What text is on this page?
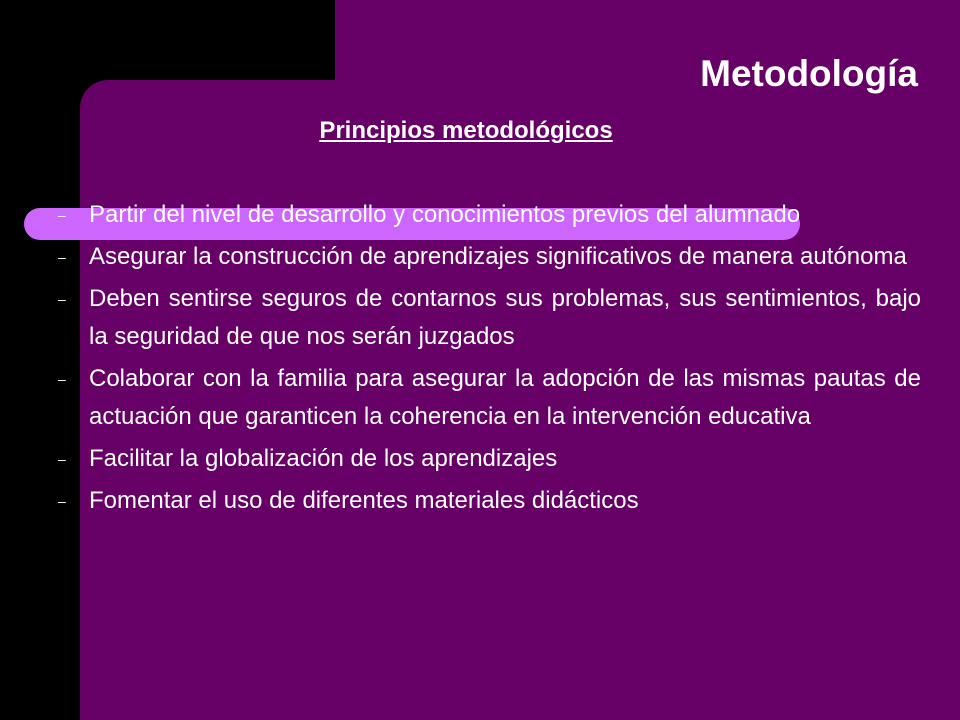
Metodología
Principios metodológicos
– Partir del nivel de desarrollo y conocimientos previos del alumnado
– Asegurar la construcción de aprendizajes significativos de manera autónoma
– Deben sentirse seguros de contarnos sus problemas, sus sentimientos, bajo la seguridad de que nos serán juzgados
– Colaborar con la familia para asegurar la adopción de las mismas pautas de actuación que garanticen la coherencia en la intervención educativa
– Facilitar la globalización de los aprendizajes
– Fomentar el uso de diferentes materiales didácticos
